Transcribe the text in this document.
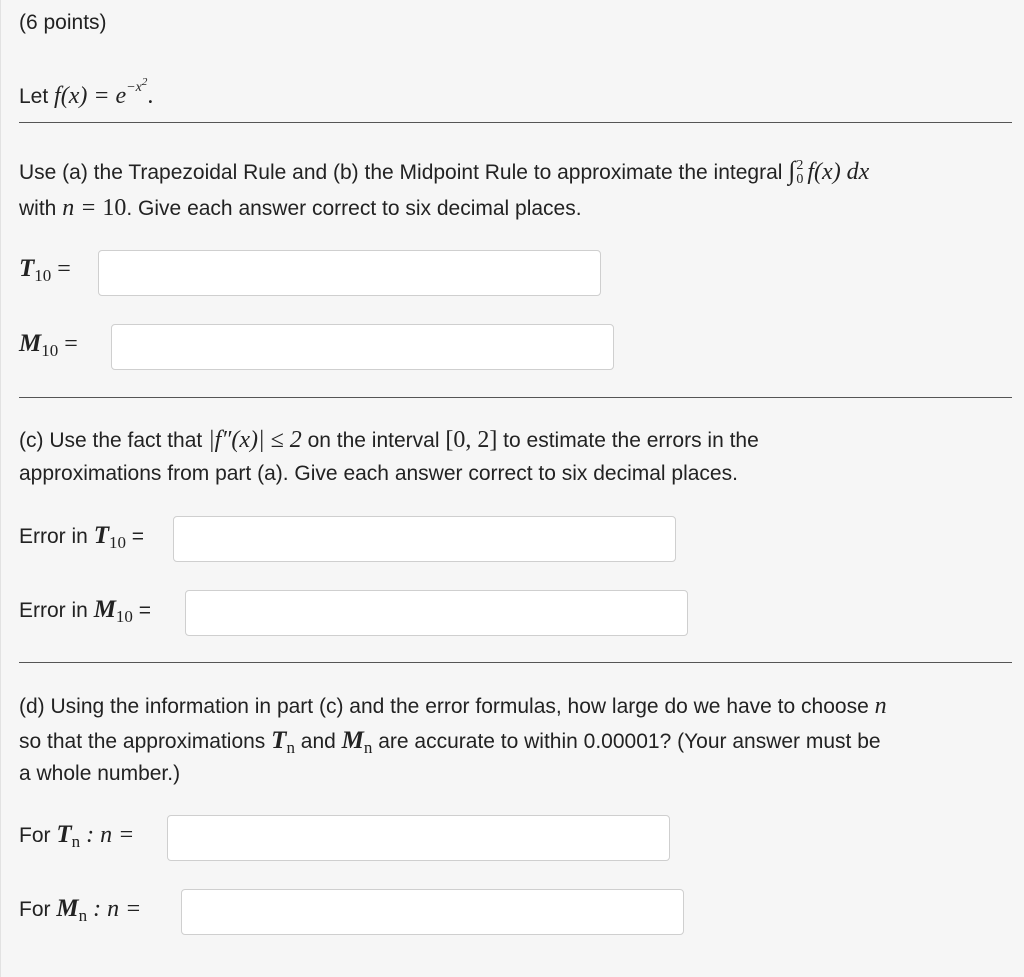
(6 points)
Let $f(x) = e^{-x^2}$.
Use (a) the Trapezoidal Rule and (b) the Midpoint Rule to approximate the integral ∫ 2
0 f(x) dx
with n = 10. Give each answer correct to six decimal places.
$T_{10}$ =
$M_{10}$ =
(c) Use the fact that |f″(x)| ≤ 2 on the interval [0, 2] to estimate the errors in the
approximations from part (a). Give each answer correct to six decimal places.
Error in $T_{10}$ =
Error in $M_{10}$ =
(d) Using the information in part (c) and the error formulas, how large do we have to choose n
so that the approximations $T_n$ and $M_n$ are accurate to within 0.00001? (Your answer must be
a whole number.)
For $T_n$ : n =
For $M_n$ : n =
